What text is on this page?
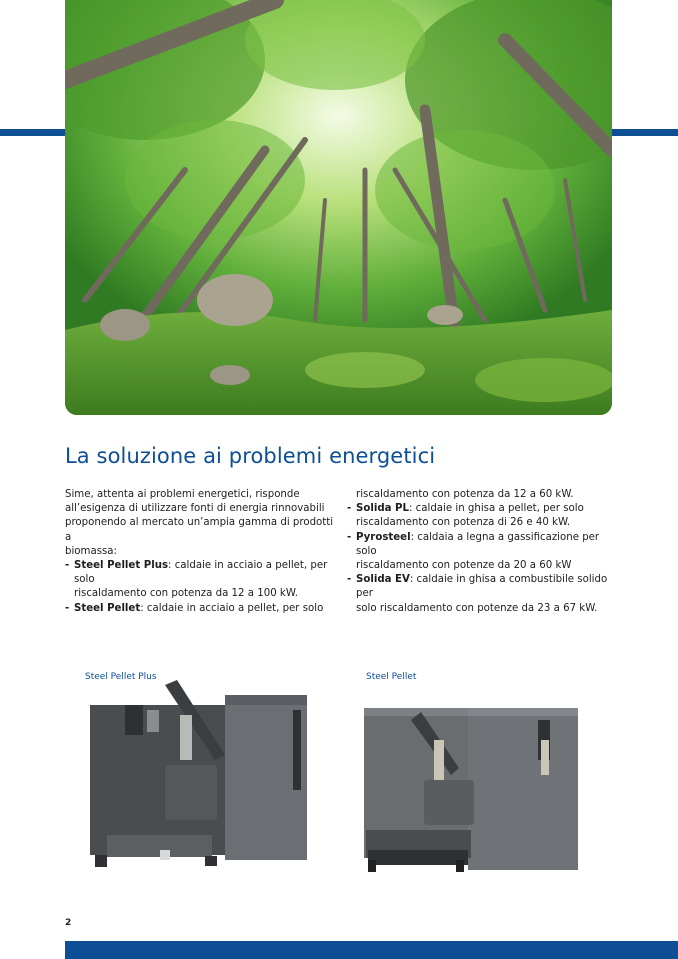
La soluzione ai problemi energetici
Sime, attenta ai problemi energetici, risponde
all’esigenza di utilizzare fonti di energia rinnovabili
proponendo al mercato un’ampia gamma di prodotti a
biomassa:
- Steel Pellet Plus: caldaie in acciaio a pellet, per solo
riscaldamento con potenza da 12 a 100 kW.
- Steel Pellet: caldaie in acciaio a pellet, per solo
riscaldamento con potenza da 12 a 60 kW.
- Solida PL: caldaie in ghisa a pellet, per solo
riscaldamento con potenza di 26 e 40 kW.
- Pyrosteel: caldaia a legna a gassificazione per solo
riscaldamento con potenze da 20 a 60 kW
- Solida EV: caldaie in ghisa a combustibile solido per
solo riscaldamento con potenze da 23 a 67 kW.
Steel Pellet Plus	Steel Pellet
2
